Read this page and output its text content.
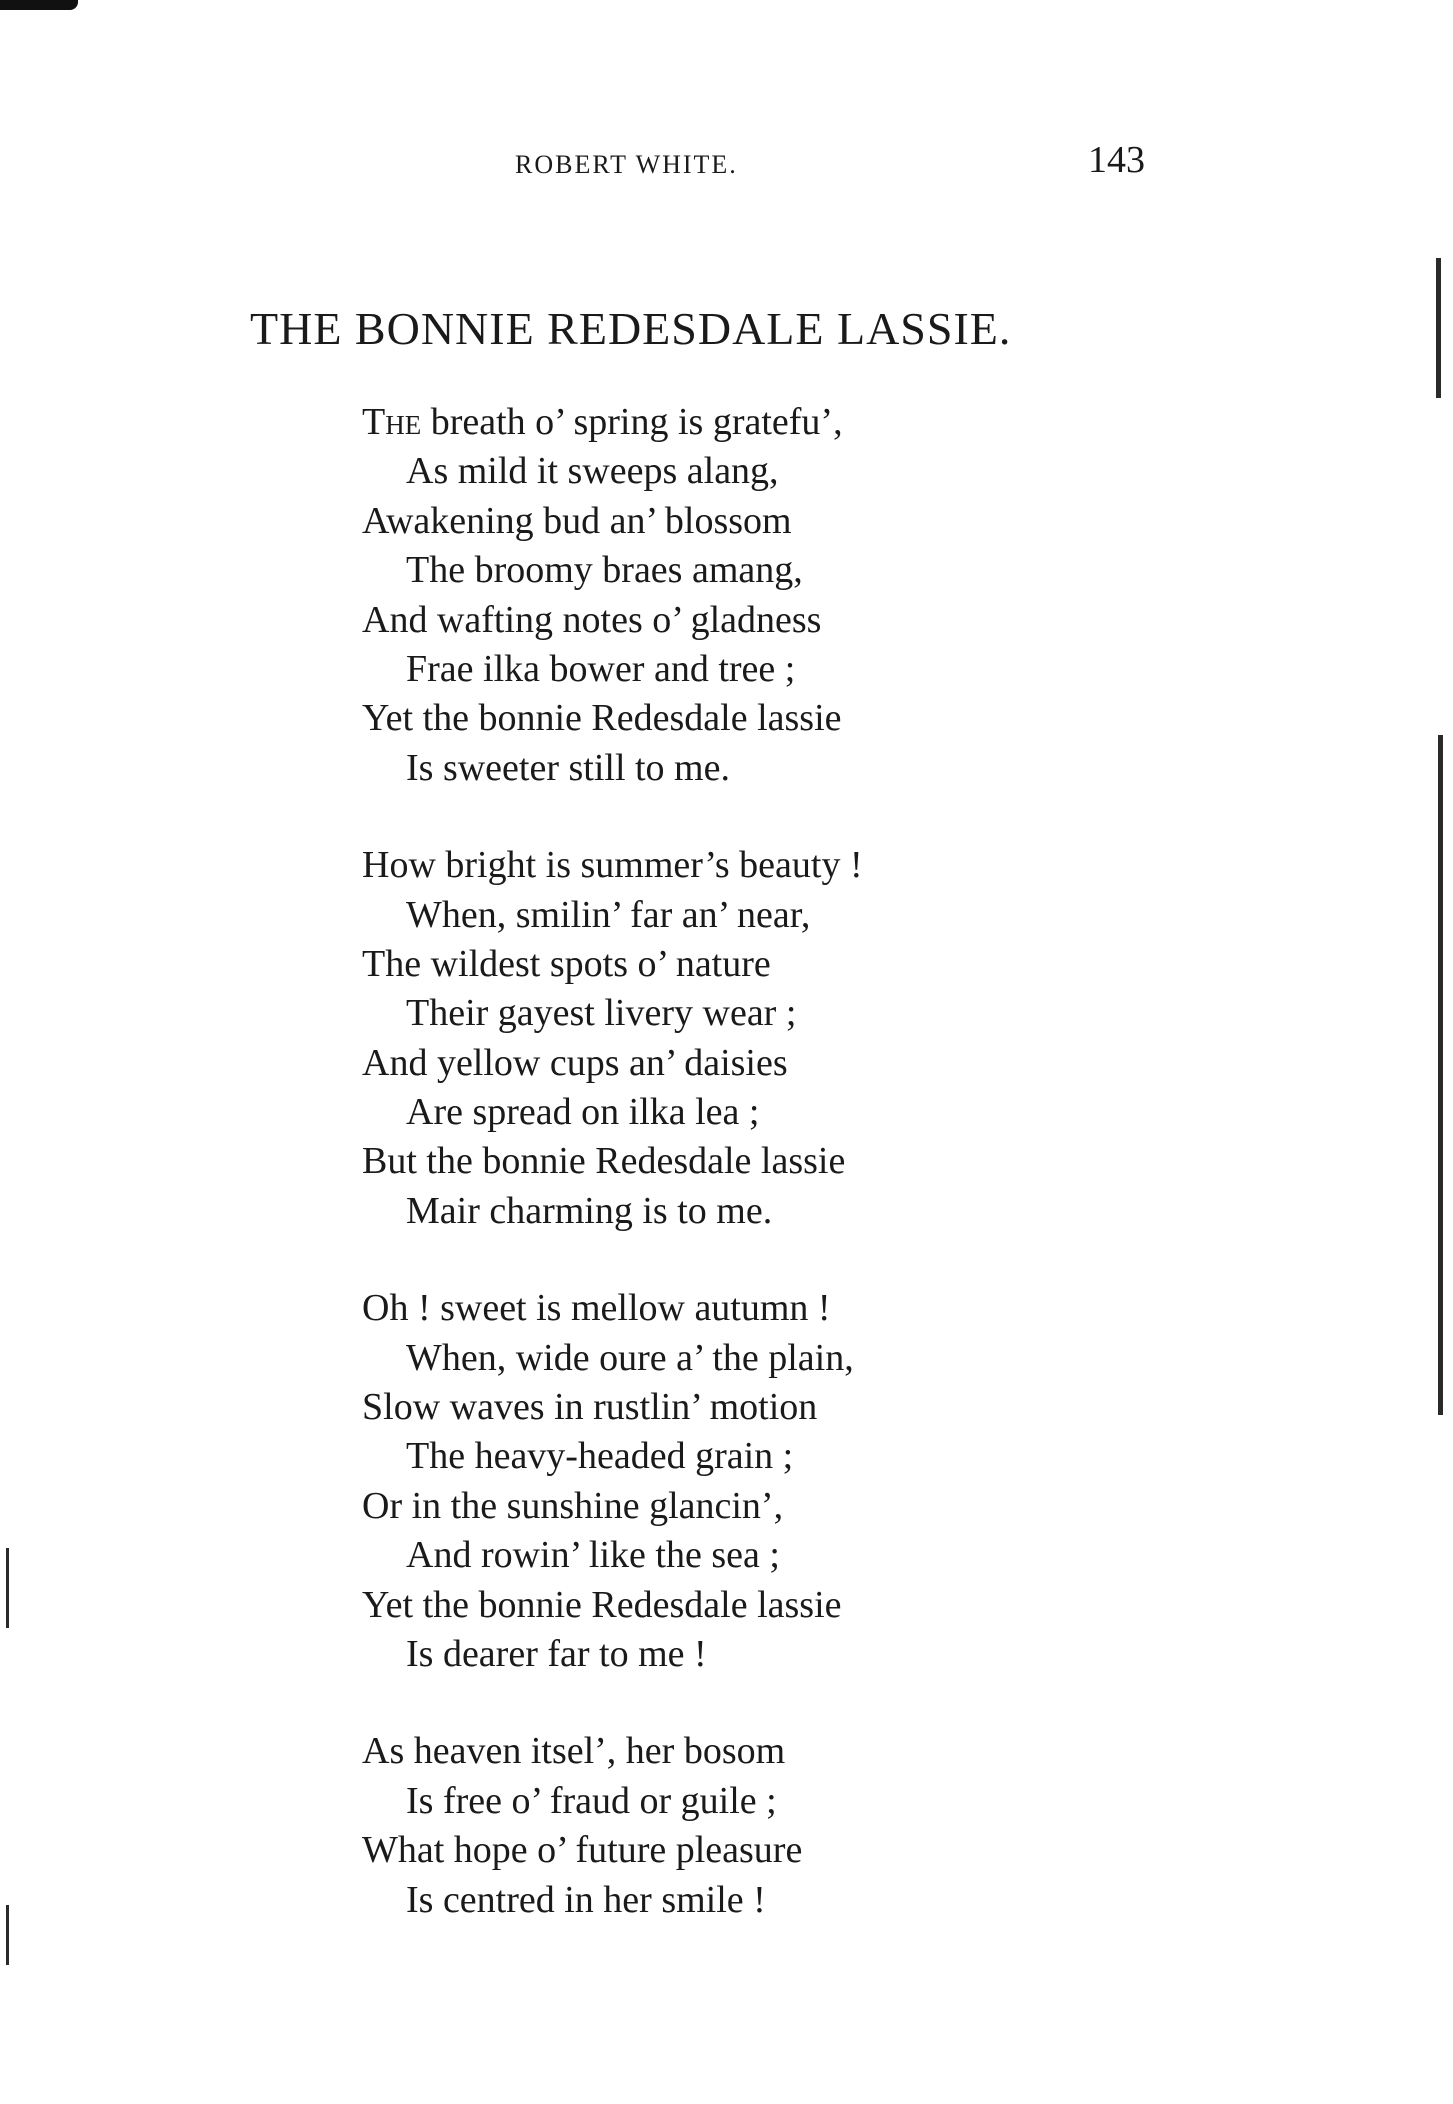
ROBERT WHITE.	143
THE BONNIE REDESDALE LASSIE.
The breath o’ spring is gratefu’,
As mild it sweeps alang,
Awakening bud an’ blossom
The broomy braes amang,
And wafting notes o’ gladness
Frae ilka bower and tree ;
Yet the bonnie Redesdale lassie
Is sweeter still to me.
How bright is summer’s beauty !
When, smilin’ far an’ near,
The wildest spots o’ nature
Their gayest livery wear ;
And yellow cups an’ daisies
Are spread on ilka lea ;
But the bonnie Redesdale lassie
Mair charming is to me.
Oh ! sweet is mellow autumn !
When, wide oure a’ the plain,
Slow waves in rustlin’ motion
The heavy-headed grain ;
Or in the sunshine glancin’,
And rowin’ like the sea ;
Yet the bonnie Redesdale lassie
Is dearer far to me !
As heaven itsel’, her bosom
Is free o’ fraud or guile ;
What hope o’ future pleasure
Is centred in her smile !
